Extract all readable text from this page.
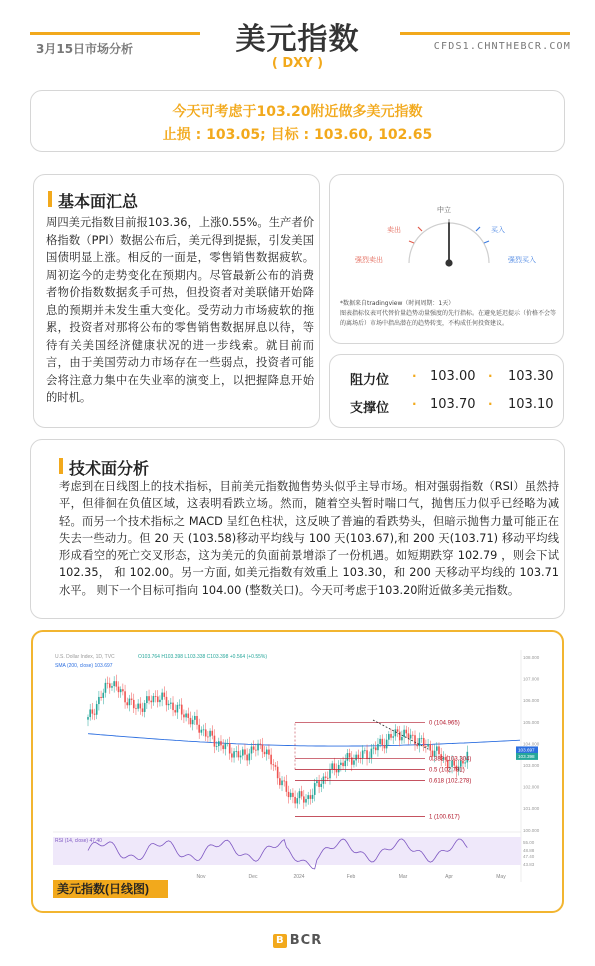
3月15日市场分析	美元指数
( DXY )
CFDS1.CHNTHEBCR.COM
今天可考虑于103.20附近做多美元指数
止损 : 103.05; 目标 : 103.60, 102.65
基本面汇总
周四美元指数目前报103.36，上涨0.55%。生产者价格指数（PPI）数据公布后，美元得到提振，引发美国国债明显上涨。相反的一面是，零售销售数据疲软。周初迄今的走势变化在预期内。尽管最新公布的消费者物价指数数据炙手可热，但投资者对美联储开始降息的预期并未发生重大变化。受劳动力市场疲软的拖累，投资者对那将公布的零售销售数据屏息以待，等待有关美国经济健康状况的进一步线索。就目前而言，由于美国劳动力市场存在一些弱点，投资者可能会将注意力集中在失业率的演变上，以把握降息开始的时机。
强烈卖出
卖出
中立
买入
强烈买入
*数据来自tradingview（时间周期：1天）
图表指标仪表可代替价量趋势动量强度的先行指标。在避免延迟提示（价格不会等的离场后）市场中指出潜在的趋势转变，不构成任何投资建议。
阻力位 · 103.00 · 103.30
支撑位 · 103.70 · 103.10
技术面分析
考虑到在日线图上的技术指标，目前美元指数抛售势头似乎主导市场。相对强弱指数（RSI）虽然持平，但徘徊在负值区域，这表明看跌立场。然而，随着空头暂时喘口气，抛售压力似乎已经略为减轻。而另一个技术指标之 MACD 呈红色柱状，这反映了普遍的看跌势头，但暗示抛售力量可能正在失去一些动力。但 20 天 (103.58)移动平均线与 100 天(103.67),和 200 天(103.71) 移动平均线形成看空的死亡交叉形态，这为美元的负面前景增添了一份机遇。如短期跌穿 102.79 ，则会下试 102.35， 和 102.00。另一方面, 如美元指数有效重上 103.30，和 200 天移动平均线的 103.71 水平。 则下一个目标可指向 104.00 (整数关口)。今天可考虑于103.20附近做多美元指数。
U.S. Dollar Index, 1D, TVC	O103.764 H103.398 L103.338 C103.398 +0.564 (+0.55%)
SMA (200, close) 103.697
108.000
107.000
106.000
105.000
104.000
103.000
102.000
101.000
100.000
0 (104.965)
0.382 (103.304)
0.5 (102.791)
0.618 (102.278)
1 (100.617)
103.697
103.398
RSI (14, close) 47.40	55.00
48.88
47.40
43.83
Nov	Dec	2024	Feb	Mar	Apr	May
美元指数(日线图)
B BCR
